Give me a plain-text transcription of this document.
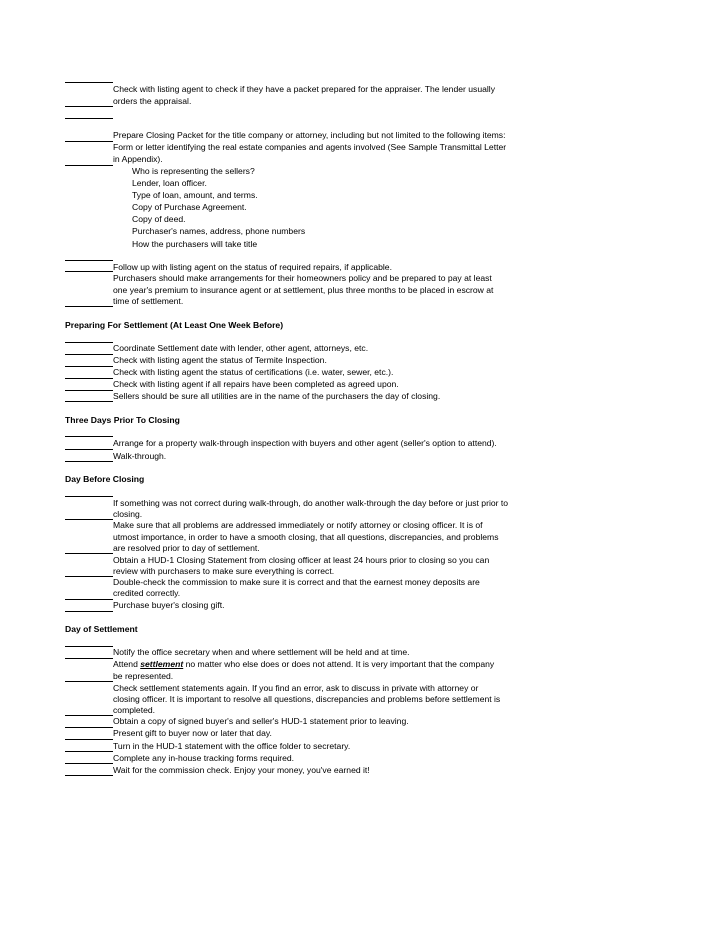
Check with listing agent to check if they have a packet prepared for the appraiser. The lender usually

orders the appraisal.

Prepare Closing Packet for the title company or attorney, including but not limited to the following items:

Form or letter identifying the real estate companies and agents involved (See Sample Transmittal Letter

in Appendix).

Who is representing the sellers?

Lender, loan officer.

Type of loan, amount, and terms.

Copy of Purchase Agreement.

Copy of deed.

Purchaser's names, address, phone numbers

How the purchasers will take title

Follow up with listing agent on the status of required repairs, if applicable.

Purchasers should make arrangements for their homeowners policy and be prepared to pay at least

one year's premium to insurance agent or at settlement, plus three months to be placed in escrow at

time of settlement.

Preparing For Settlement (At Least One Week Before)

Coordinate Settlement date with lender, other agent, attorneys, etc.

Check with listing agent the status of Termite Inspection.

Check with listing agent the status of certifications (i.e. water, sewer, etc.).

Check with listing agent if all repairs have been completed as agreed upon.

Sellers should be sure all utilities are in the name of the purchasers the day of closing.

Three Days Prior To Closing

Arrange for a property walk-through inspection with buyers and other agent (seller's option to attend).

Walk-through.

Day Before Closing

If something was not correct during walk-through, do another walk-through the day before or just prior to

closing.

Make sure that all problems are addressed immediately or notify attorney or closing officer. It is of

utmost importance, in order to have a smooth closing, that all questions, discrepancies, and problems

are resolved prior to day of settlement.

Obtain a HUD-1 Closing Statement from closing officer at least 24 hours prior to closing so you can

review with purchasers to make sure everything is correct.

Double-check the commission to make sure it is correct and that the earnest money deposits are

credited correctly.

Purchase buyer's closing gift.

Day of Settlement

Notify the office secretary when and where settlement will be held and at time.

Attend settlement no matter who else does or does not attend. It is very important that the company

be represented.

Check settlement statements again. If you find an error, ask to discuss in private with attorney or

closing officer. It is important to resolve all questions, discrepancies and problems before settlement is

completed.

Obtain a copy of signed buyer's and seller's HUD-1 statement prior to leaving.

Present gift to buyer now or later that day.

Turn in the HUD-1 statement with the office folder to secretary.

Complete any in-house tracking forms required.

Wait for the commission check. Enjoy your money, you've earned it!
